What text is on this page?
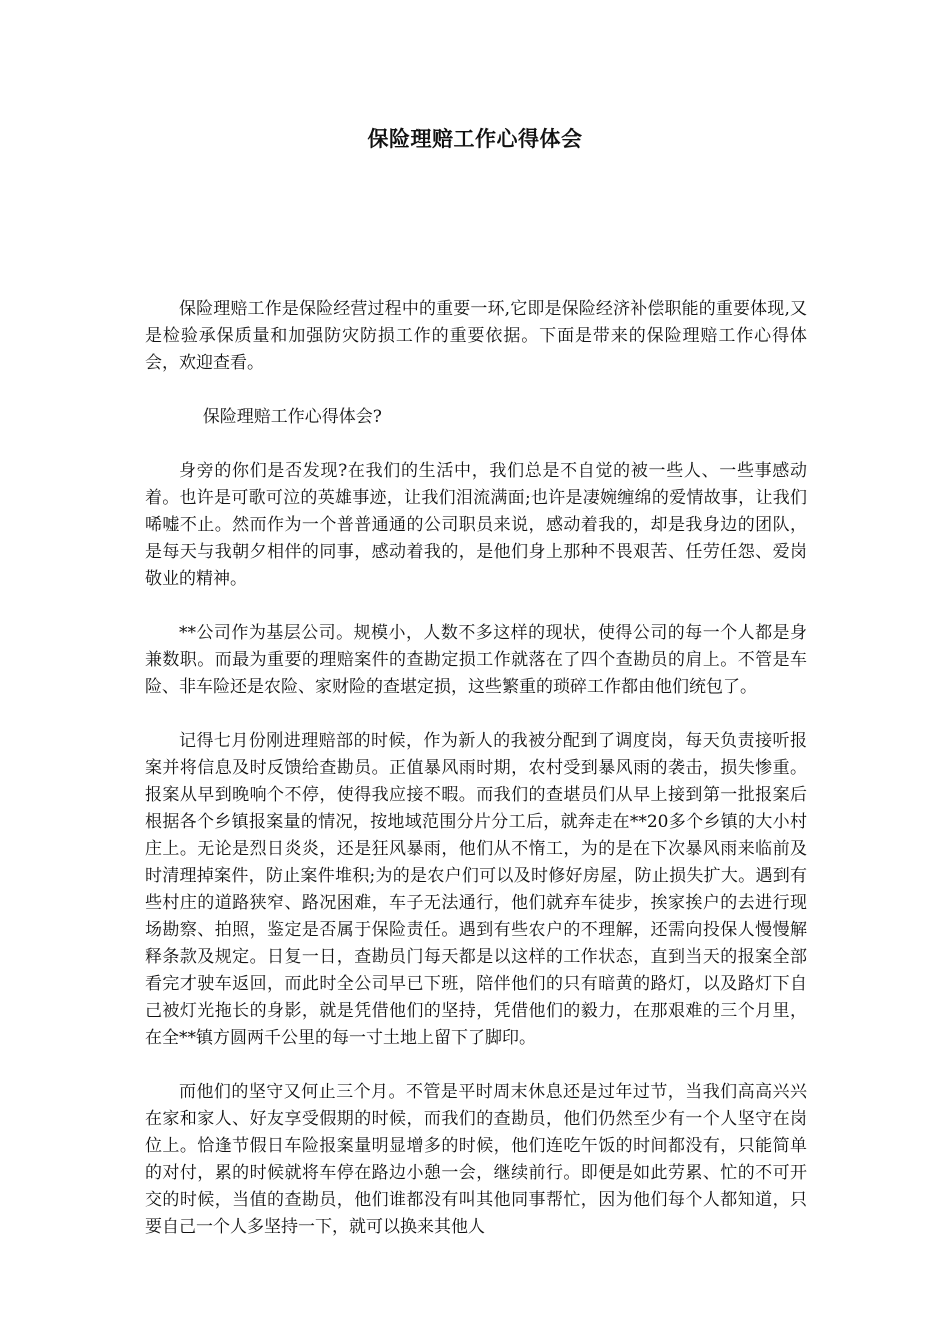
保险理赔工作心得体会

保险理赔工作是保险经营过程中的重要一环,它即是保险经济补偿职能的重要体现,又是检验承保质量和加强防灾防损工作的重要依据。下面是带来的保险理赔工作心得体会，欢迎查看。

保险理赔工作心得体会?

身旁的你们是否发现?在我们的生活中，我们总是不自觉的被一些人、一些事感动着。也许是可歌可泣的英雄事迹，让我们泪流满面;也许是凄婉缠绵的爱情故事，让我们唏嘘不止。然而作为一个普普通通的公司职员来说，感动着我的，却是我身边的团队，是每天与我朝夕相伴的同事，感动着我的，是他们身上那种不畏艰苦、任劳任怨、爱岗敬业的精神。

**公司作为基层公司。规模小，人数不多这样的现状，使得公司的每一个人都是身兼数职。而最为重要的理赔案件的查勘定损工作就落在了四个查勘员的肩上。不管是车险、非车险还是农险、家财险的查堪定损，这些繁重的琐碎工作都由他们统包了。

记得七月份刚进理赔部的时候，作为新人的我被分配到了调度岗，每天负责接听报案并将信息及时反馈给查勘员。正值暴风雨时期，农村受到暴风雨的袭击，损失惨重。报案从早到晚响个不停，使得我应接不暇。而我们的查堪员们从早上接到第一批报案后根据各个乡镇报案量的情况，按地域范围分片分工后，就奔走在**20多个乡镇的大小村庄上。无论是烈日炎炎，还是狂风暴雨，他们从不惰工，为的是在下次暴风雨来临前及时清理掉案件，防止案件堆积;为的是农户们可以及时修好房屋，防止损失扩大。遇到有些村庄的道路狭窄、路况困难，车子无法通行，他们就弃车徒步，挨家挨户的去进行现场勘察、拍照，鉴定是否属于保险责任。遇到有些农户的不理解，还需向投保人慢慢解释条款及规定。日复一日，查勘员门每天都是以这样的工作状态，直到当天的报案全部看完才驶车返回，而此时全公司早已下班，陪伴他们的只有暗黄的路灯，以及路灯下自己被灯光拖长的身影，就是凭借他们的坚持，凭借他们的毅力，在那艰难的三个月里，在全**镇方圆两千公里的每一寸土地上留下了脚印。

而他们的坚守又何止三个月。不管是平时周末休息还是过年过节，当我们高高兴兴在家和家人、好友享受假期的时候，而我们的查勘员，他们仍然至少有一个人坚守在岗位上。恰逢节假日车险报案量明显增多的时候，他们连吃午饭的时间都没有，只能简单的对付，累的时候就将车停在路边小憩一会，继续前行。即便是如此劳累、忙的不可开交的时候，当值的查勘员，他们谁都没有叫其他同事帮忙，因为他们每个人都知道，只要自己一个人多坚持一下，就可以换来其他人
